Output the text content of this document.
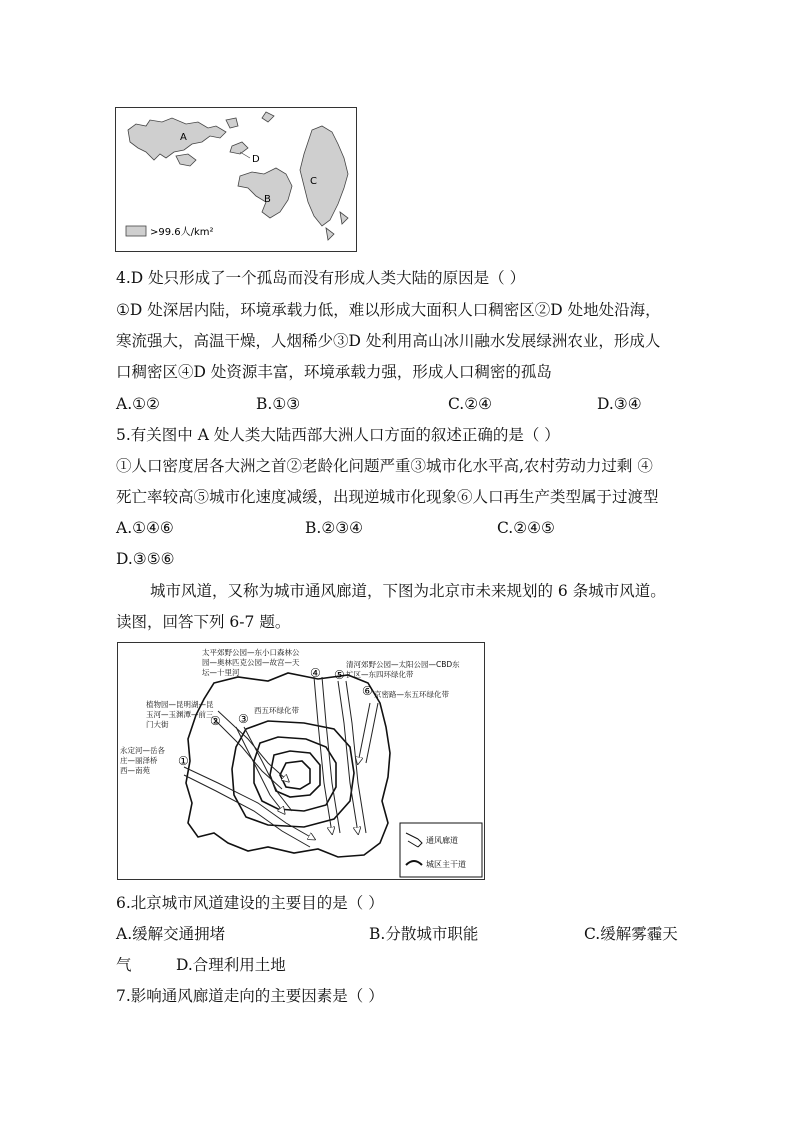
A
D
B
C
>99.6人/km²
4.D 处只形成了一个孤岛而没有形成人类大陆的原因是（ ）
①D 处深居内陆，环境承载力低，难以形成大面积人口稠密区②D 处地处沿海，
寒流强大，高温干燥，人烟稀少③D 处利用高山冰川融水发展绿洲农业，形成人
口稠密区④D 处资源丰富，环境承载力强，形成人口稠密的孤岛
A.①②	B.①③	C.②④	D.③④
5.有关图中 A 处人类大陆西部大洲人口方面的叙述正确的是（ ）
①人口密度居各大洲之首②老龄化问题严重③城市化水平高,农村劳动力过剩 ④
死亡率较高⑤城市化速度减缓，出现逆城市化现象⑥人口再生产类型属于过渡型
A.①④⑥	B.②③④	C.②④⑤
D.③⑤⑥
城市风道，又称为城市通风廊道，下图为北京市未来规划的 6 条城市风道。
读图，回答下列 6-7 题。
①
② ③
④ ⑤
⑥
太平郊野公园—东小口森林公
园—奥林匹克公园—故宫—天
坛—十里河
清河郊野公园—太阳公园—CBD东
扩区—东四环绿化带
京密路—东五环绿化带
植物园—昆明湖—昆
玉河—玉渊潭—前三
门大街
西五环绿化带
永定河—岳各
庄—丽泽桥
西—南苑
通风廊道
城区主干道
6.北京城市风道建设的主要目的是（ ）
A.缓解交通拥堵	B.分散城市职能	C.缓解雾霾天
气	D.合理利用土地
7.影响通风廊道走向的主要因素是（ ）
